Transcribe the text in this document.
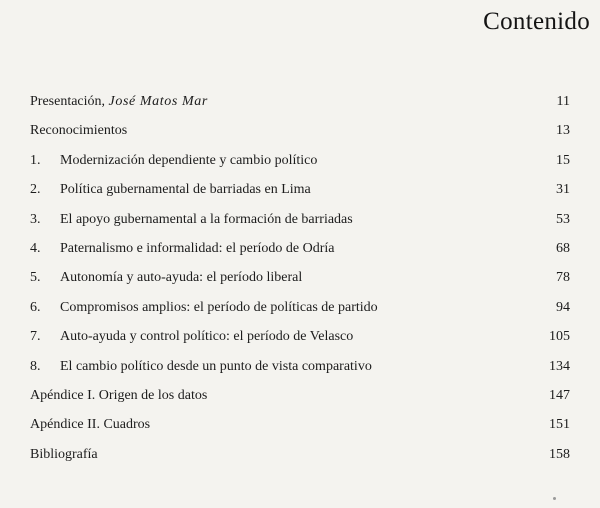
Contenido
Presentación, José Matos Mar	11
Reconocimientos	13
1. Modernización dependiente y cambio político	15
2. Política gubernamental de barriadas en Lima	31
3. El apoyo gubernamental a la formación de barriadas	53
4. Paternalismo e informalidad: el período de Odría	68
5. Autonomía y auto-ayuda: el período liberal	78
6. Compromisos amplios: el período de políticas de partido	94
7. Auto-ayuda y control político: el período de Velasco	105
8. El cambio político desde un punto de vista comparativo	134
Apéndice I. Origen de los datos	147
Apéndice II. Cuadros	151
Bibliografía	158
